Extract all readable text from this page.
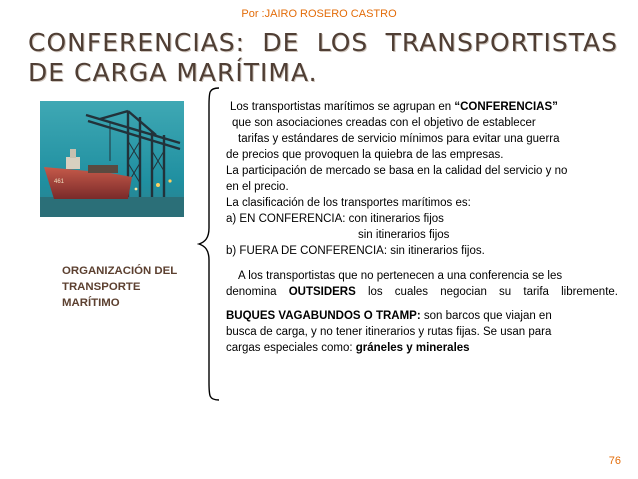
Por :JAIRO ROSERO CASTRO
CONFERENCIAS: DE LOS TRANSPORTISTAS DE CARGA MARÍTIMA.
461
ORGANIZACIÓN DEL
TRANSPORTE
MARÍTIMO

Los transportistas marítimos se agrupan en “CONFERENCIAS”

que son asociaciones creadas con el objetivo de establecer

tarifas y estándares de servicio mínimos para evitar una guerra

de precios que provoquen la quiebra de las empresas.

La participación de mercado se basa en la calidad del servicio y no

en el precio.

La clasificación de los transportes marítimos es:

a) EN CONFERENCIA: con itinerarios fijos

sin itinerarios fijos

b) FUERA DE CONFERENCIA: sin itinerarios fijos.

A los transportistas que no pertenecen a una conferencia se les

denomina OUTSIDERS los cuales negocian su tarifa libremente.

BUQUES VAGABUNDOS O TRAMP: son barcos que viajan en

busca de carga, y no tener itinerarios y rutas fijas. Se usan para

cargas especiales como: gráneles y minerales

76
